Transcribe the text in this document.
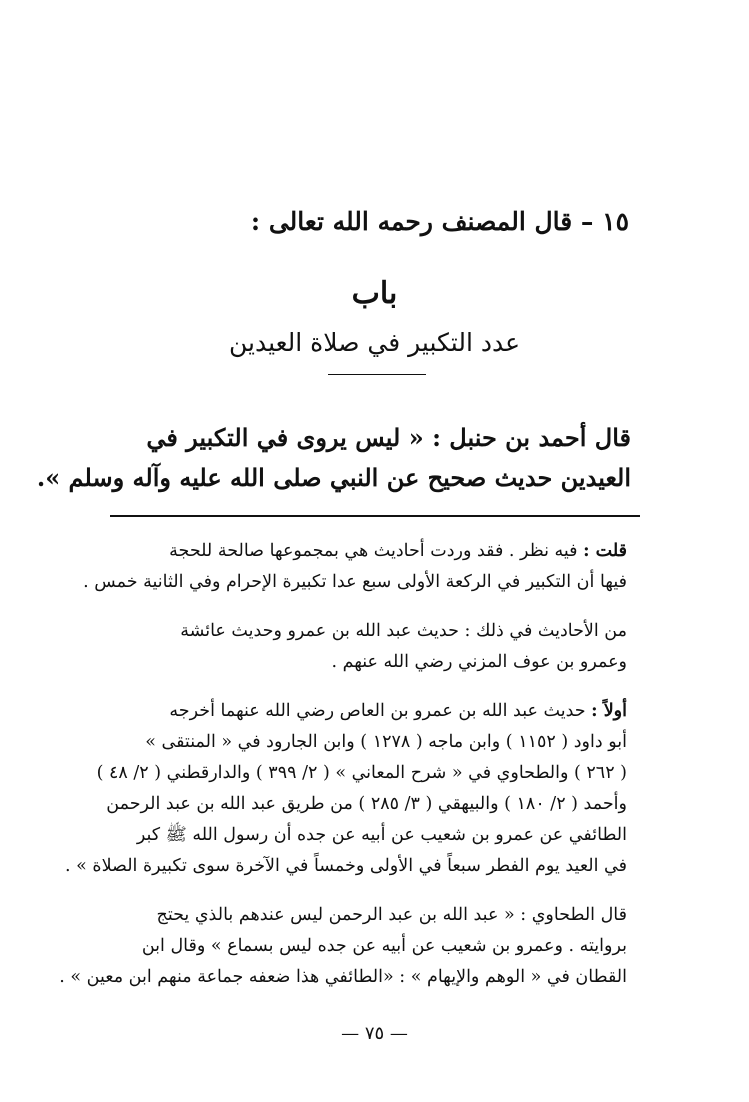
١٥ – قال المصنف رحمه الله تعالى :
باب
عدد التكبير في صلاة العيدين
قال أحمد بن حنبل : « ليس يروى في التكبير في
العيدين حديث صحيح عن النبي صلى الله عليه وآله وسلم ».
قلت : فيه نظر . فقد وردت أحاديث هي بمجموعها صالحة للحجة
فيها أن التكبير في الركعة الأولى سبع عدا تكبيرة الإحرام وفي الثانية خمس .
من الأحاديث في ذلك : حديث عبد الله بن عمرو وحديث عائشة
وعمرو بن عوف المزني رضي الله عنهم .
أولاً : حديث عبد الله بن عمرو بن العاص رضي الله عنهما أخرجه
أبو داود ( ١١٥٢ ) وابن ماجه ( ١٢٧٨ ) وابن الجارود في « المنتقى »
( ٢٦٢ ) والطحاوي في « شرح المعاني » ( ٢/ ٣٩٩ ) والدارقطني ( ٢/ ٤٨ )
وأحمد ( ٢/ ١٨٠ ) والبيهقي ( ٣/ ٢٨٥ ) من طريق عبد الله بن عبد الرحمن
الطائفي عن عمرو بن شعيب عن أبيه عن جده أن رسول الله ﷺ كبر
في العيد يوم الفطر سبعاً في الأولى وخمساً في الآخرة سوى تكبيرة الصلاة » .
قال الطحاوي : « عبد الله بن عبد الرحمن ليس عندهم بالذي يحتج
بروايته . وعمرو بن شعيب عن أبيه عن جده ليس بسماع » وقال ابن
القطان في « الوهم والإيهام » : «الطائفي هذا ضعفه جماعة منهم ابن معين » .
— ٧٥ —
